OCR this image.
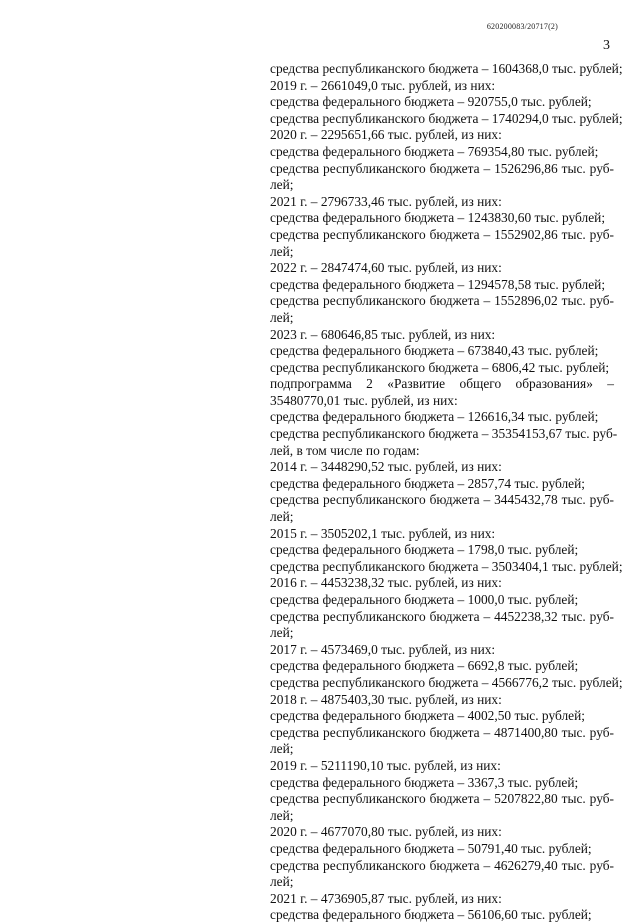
620200083/20717(2)
3
средства республиканского бюджета – 1604368,0 тыс. рублей;
2019 г. – 2661049,0 тыс. рублей, из них:
средства федерального бюджета – 920755,0 тыс. рублей;
средства республиканского бюджета – 1740294,0 тыс. рублей;
2020 г. – 2295651,66 тыс. рублей, из них:
средства федерального бюджета – 769354,80 тыс. рублей;
средства республиканского бюджета – 1526296,86 тыс. руб-
лей;
2021 г. – 2796733,46 тыс. рублей, из них:
средства федерального бюджета – 1243830,60 тыс. рублей;
средства республиканского бюджета – 1552902,86 тыс. руб-
лей;
2022 г. – 2847474,60 тыс. рублей, из них:
средства федерального бюджета – 1294578,58 тыс. рублей;
средства республиканского бюджета – 1552896,02 тыс. руб-
лей;
2023 г. – 680646,85 тыс. рублей, из них:
средства федерального бюджета – 673840,43 тыс. рублей;
средства республиканского бюджета – 6806,42 тыс. рублей;
подпрограмма 2 «Развитие общего образования» –
35480770,01 тыс. рублей, из них:
средства федерального бюджета – 126616,34 тыс. рублей;
средства республиканского бюджета – 35354153,67 тыс. руб-
лей, в том числе по годам:
2014 г. – 3448290,52 тыс. рублей, из них:
средства федерального бюджета – 2857,74 тыс. рублей;
средства республиканского бюджета – 3445432,78 тыс. руб-
лей;
2015 г. – 3505202,1 тыс. рублей, из них:
средства федерального бюджета – 1798,0 тыс. рублей;
средства республиканского бюджета – 3503404,1 тыс. рублей;
2016 г. – 4453238,32 тыс. рублей, из них:
средства федерального бюджета – 1000,0 тыс. рублей;
средства республиканского бюджета – 4452238,32 тыс. руб-
лей;
2017 г. – 4573469,0 тыс. рублей, из них:
средства федерального бюджета – 6692,8 тыс. рублей;
средства республиканского бюджета – 4566776,2 тыс. рублей;
2018 г. – 4875403,30 тыс. рублей, из них:
средства федерального бюджета – 4002,50 тыс. рублей;
средства республиканского бюджета – 4871400,80 тыс. руб-
лей;
2019 г. – 5211190,10 тыс. рублей, из них:
средства федерального бюджета – 3367,3 тыс. рублей;
средства республиканского бюджета – 5207822,80 тыс. руб-
лей;
2020 г. – 4677070,80 тыс. рублей, из них:
средства федерального бюджета – 50791,40 тыс. рублей;
средства республиканского бюджета – 4626279,40 тыс. руб-
лей;
2021 г. – 4736905,87 тыс. рублей, из них:
средства федерального бюджета – 56106,60 тыс. рублей;
